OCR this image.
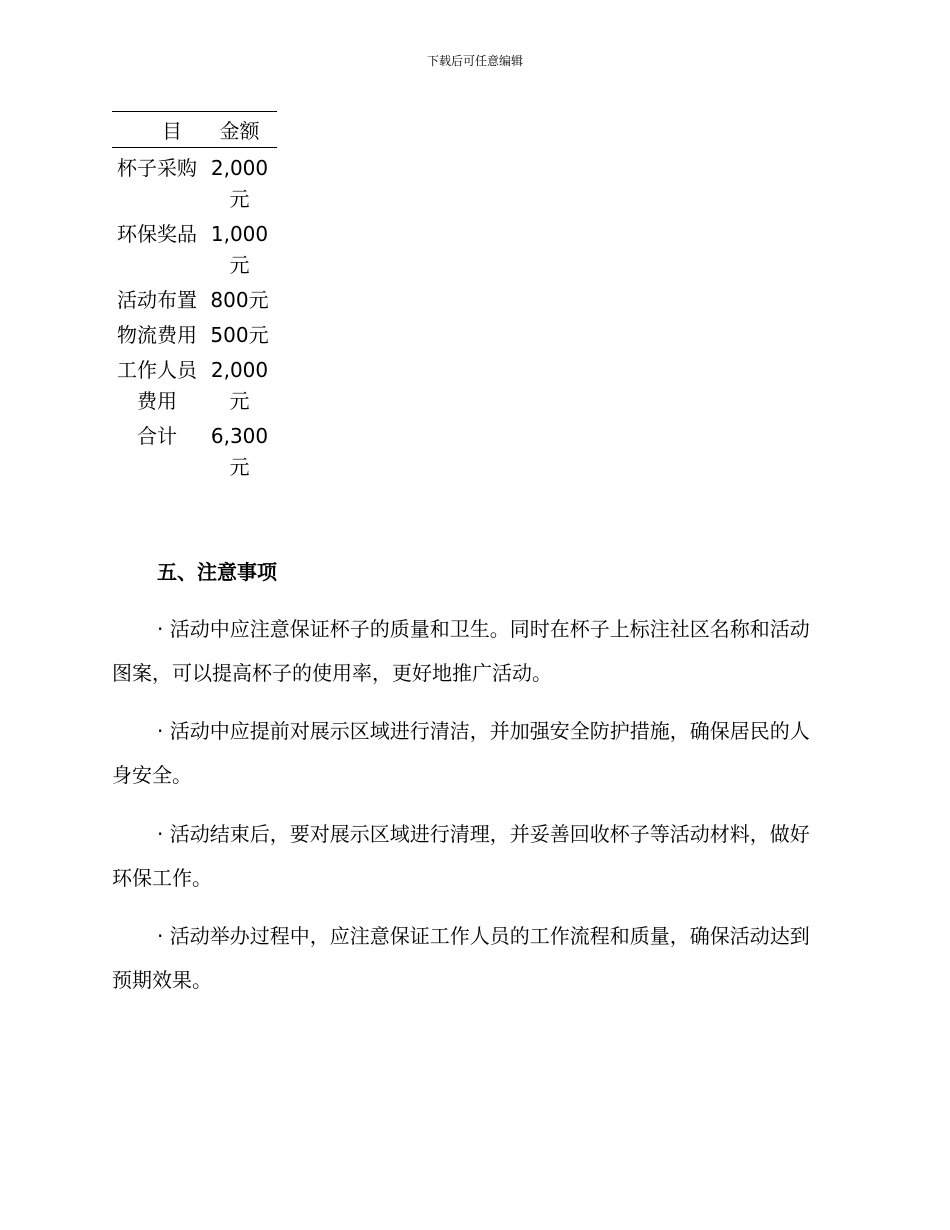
下载后可任意编辑
目	金额
杯子采购	2,000元
环保奖品	1,000元
活动布置	800元
物流费用	500元
工作人员费用	2,000元
合计	6,300元
五、注意事项

· 活动中应注意保证杯子的质量和卫生。同时在杯子上标注社区名称和活动图案，可以提高杯子的使用率，更好地推广活动。

· 活动中应提前对展示区域进行清洁，并加强安全防护措施，确保居民的人身安全。

· 活动结束后，要对展示区域进行清理，并妥善回收杯子等活动材料，做好环保工作。

· 活动举办过程中，应注意保证工作人员的工作流程和质量，确保活动达到预期效果。
